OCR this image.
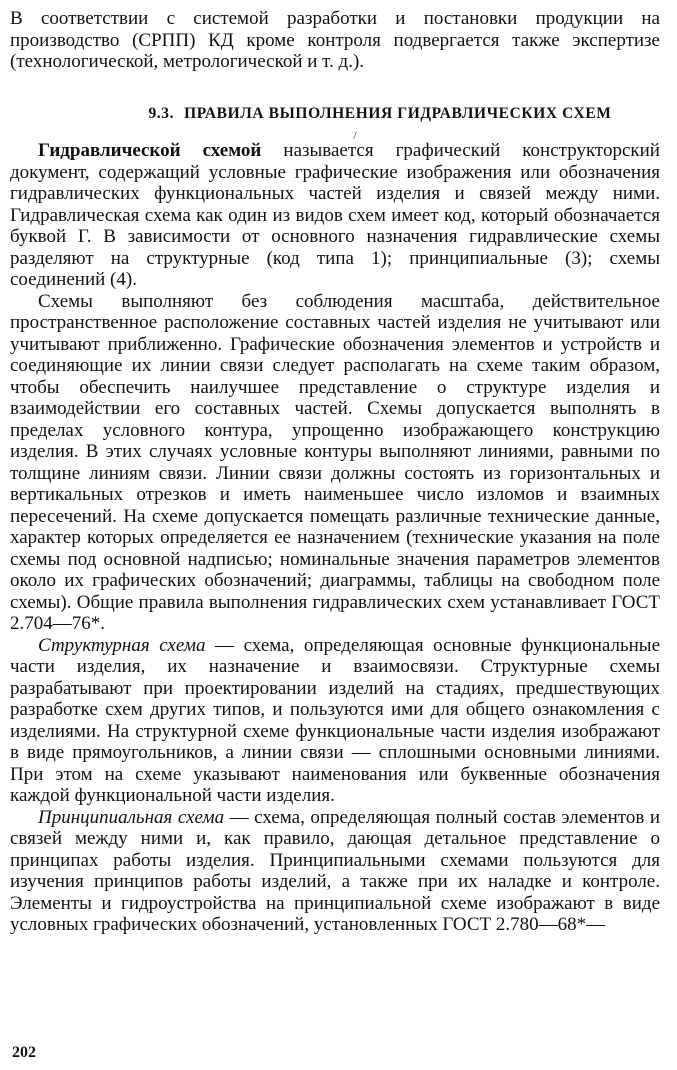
В соответствии с системой разработки и постановки продукции на производство (СРПП) КД кроме контроля подвергается также экспертизе (технологической, метрологической и т. д.).

9.3. ПРАВИЛА ВЫПОЛНЕНИЯ ГИДРАВЛИЧЕСКИХ СХЕМ
/

Гидравлической схемой называется графический конструкторский документ, содержащий условные графические изображения или обозначения гидравлических функциональных частей изделия и связей между ними. Гидравлическая схема как один из видов схем имеет код, который обозначается буквой Г. В зависимости от основного назначения гидравлические схемы разделяют на структурные (код типа 1); принципиальные (3); схемы соединений (4).

Схемы выполняют без соблюдения масштаба, действительное пространственное расположение составных частей изделия не учитывают или учитывают приближенно. Графические обозначения элементов и устройств и соединяющие их линии связи следует располагать на схеме таким образом, чтобы обеспечить наилучшее представление о структуре изделия и взаимодействии его составных частей. Схемы допускается выполнять в пределах условного контура, упрощенно изображающего конструкцию изделия. В этих случаях условные контуры выполняют линиями, равными по толщине линиям связи. Линии связи должны состоять из горизонтальных и вертикальных отрезков и иметь наименьшее число изломов и взаимных пересечений. На схеме допускается помещать различные технические данные, характер которых определяется ее назначением (технические указания на поле схемы под основной надписью; номинальные значения параметров элементов около их графических обозначений; диаграммы, таблицы на свободном поле схемы). Общие правила выполнения гидравлических схем устанавливает ГОСТ 2.704—76*.

Структурная схема — схема, определяющая основные функциональные части изделия, их назначение и взаимосвязи. Структурные схемы разрабатывают при проектировании изделий на стадиях, предшествующих разработке схем других типов, и пользуются ими для общего ознакомления с изделиями. На структурной схеме функциональные части изделия изображают в виде прямоугольников, а линии связи — сплошными основными линиями. При этом на схеме указывают наименования или буквенные обозначения каждой функциональной части изделия.

Принципиальная схема — схема, определяющая полный состав элементов и связей между ними и, как правило, дающая детальное представление о принципах работы изделия. Принципиальными схемами пользуются для изучения принципов работы изделий, а также при их наладке и контроле. Элементы и гидроустройства на принципиальной схеме изображают в виде условных графических обозначений, установленных ГОСТ 2.780—68*—

202
